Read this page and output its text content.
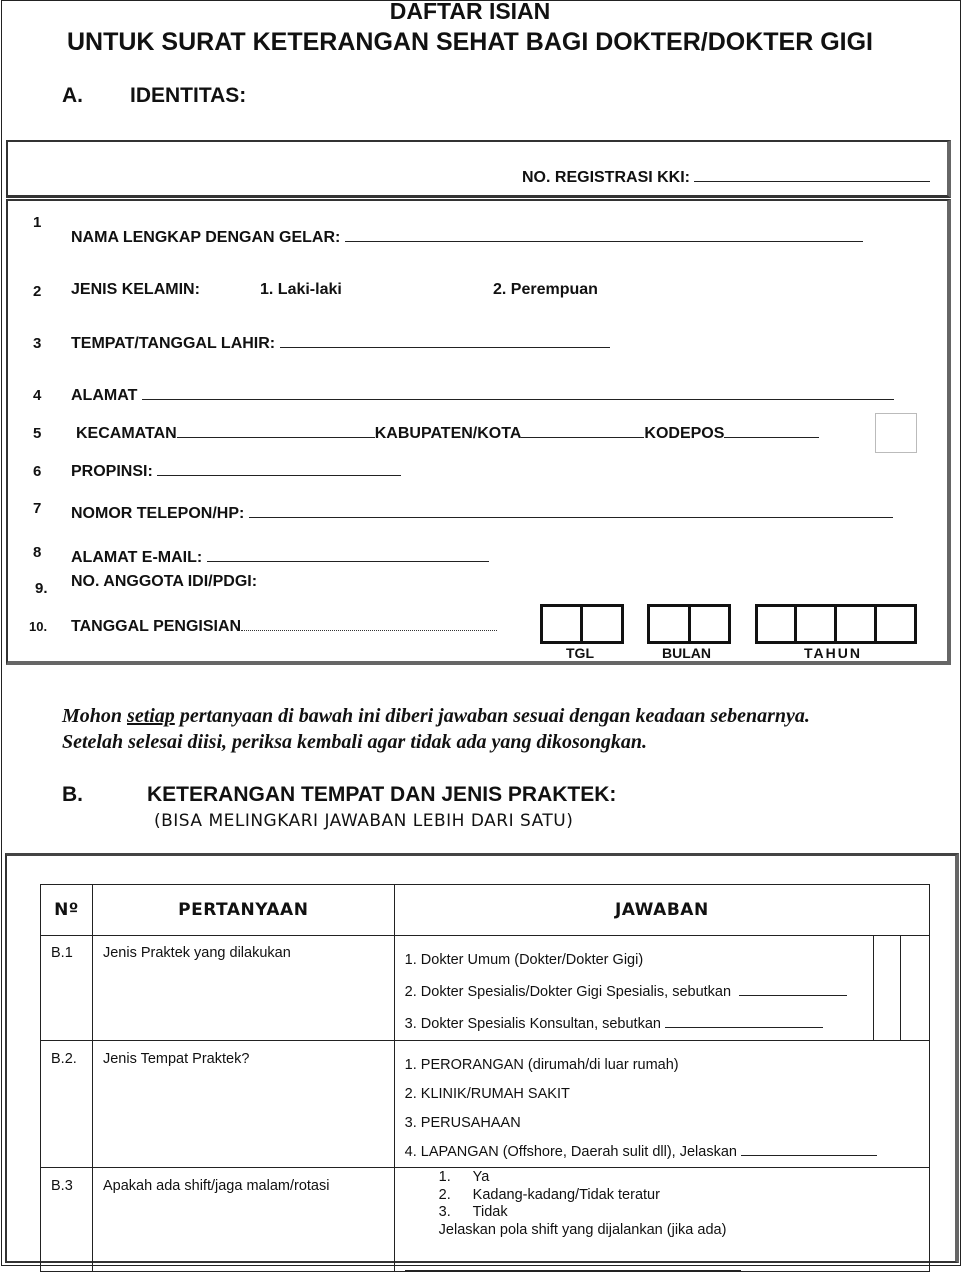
DAFTAR ISIAN
UNTUK SURAT KETERANGAN SEHAT BAGI DOKTER/DOKTER GIGI
A. IDENTITAS:
NO. REGISTRASI KKI:
1
NAMA LENGKAP DENGAN GELAR:
2 JENIS KELAMIN:	1. Laki-laki	2. Perempuan
3 TEMPAT/TANGGAL LAHIR:
4 ALAMAT
5 KECAMATAN	KABUPATEN/KOTA	KODEPOS
6 PROPINSI:
7 NOMOR TELEPON/HP:
8 ALAMAT E-MAIL:
9. NO. ANGGOTA IDI/PDGI:
10. TANGGAL PENGISIAN
TGL	BULAN	TAHUN
Mohon setiap pertanyaan di bawah ini diberi jawaban sesuai dengan keadaan sebenarnya.
Setelah selesai diisi, periksa kembali agar tidak ada yang dikosongkan.
B.	KETERANGAN TEMPAT DAN JENIS PRAKTEK:
(BISA MELINGKARI JAWABAN LEBIH DARI SATU)
Nº	PERTANYAAN	JAWABAN		
B.1	Jenis Praktek yang dilakukan	1. Dokter Umum (Dokter/Dokter Gigi)
2. Dokter Spesialis/Dokter Gigi Spesialis, sebutkan
3. Dokter Spesialis Konsultan, sebutkan		

B.2.	Jenis Tempat Praktek?	1. PERORANGAN (dirumah/di luar rumah)
2. KLINIK/RUMAH SAKIT
3. PERUSAHAAN
4. LAPANGAN (Offshore, Daerah sulit dll), Jelaskan		

B.3	Apakah ada shift/jaga malam/rotasi	1. Ya
2. Kadang-kadang/Tidak teratur
3. Tidak
Jelaskan pola shift yang dijalankan (jika ada)		
